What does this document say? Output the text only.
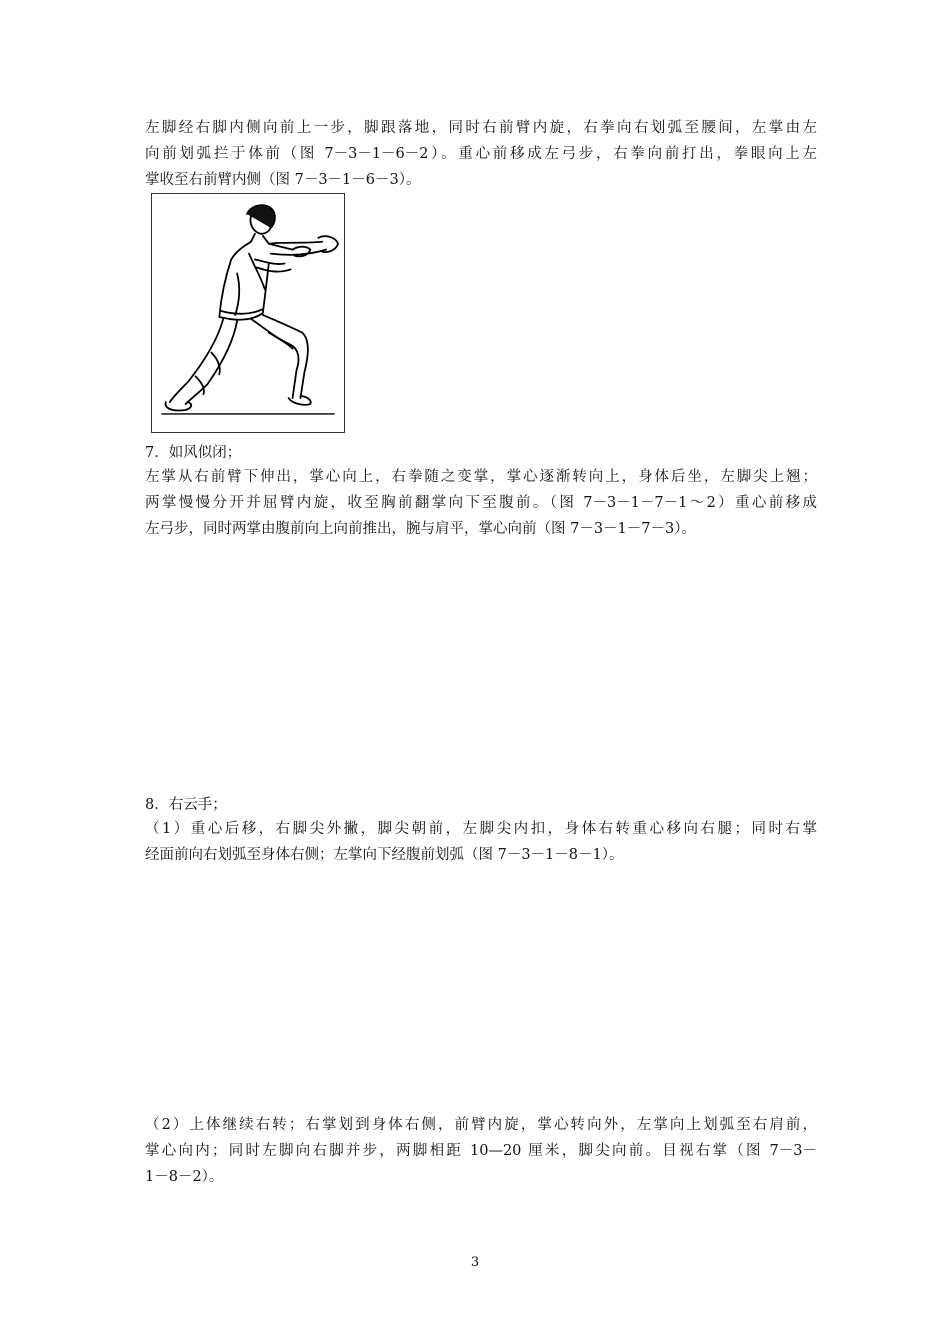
左脚经右脚内侧向前上一步，脚跟落地，同时右前臂内旋，右拳向右划弧至腰间，左掌由左
向前划弧拦于体前（图 7－3－1－6－2）。重心前移成左弓步，右拳向前打出，拳眼向上左
掌收至右前臂内侧（图 7－3－1－6－3）。
7．如风似闭；
左掌从右前臂下伸出，掌心向上，右拳随之变掌，掌心逐渐转向上，身体后坐，左脚尖上翘；
两掌慢慢分开并屈臂内旋，收至胸前翻掌向下至腹前。（图 7－3－1－7－1～2）重心前移成
左弓步，同时两掌由腹前向上向前推出，腕与肩平，掌心向前（图 7－3－1－7－3）。
8．右云手；
（1）重心后移，右脚尖外撇，脚尖朝前，左脚尖内扣，身体右转重心移向右腿；同时右掌
经面前向右划弧至身体右侧；左掌向下经腹前划弧（图 7－3－1－8－1）。
（2）上体继续右转；右掌划到身体右侧，前臂内旋，掌心转向外，左掌向上划弧至右肩前，
掌心向内；同时左脚向右脚并步，两脚相距 10—20 厘米，脚尖向前。目视右掌（图 7－3－
1－8－2）。
3
